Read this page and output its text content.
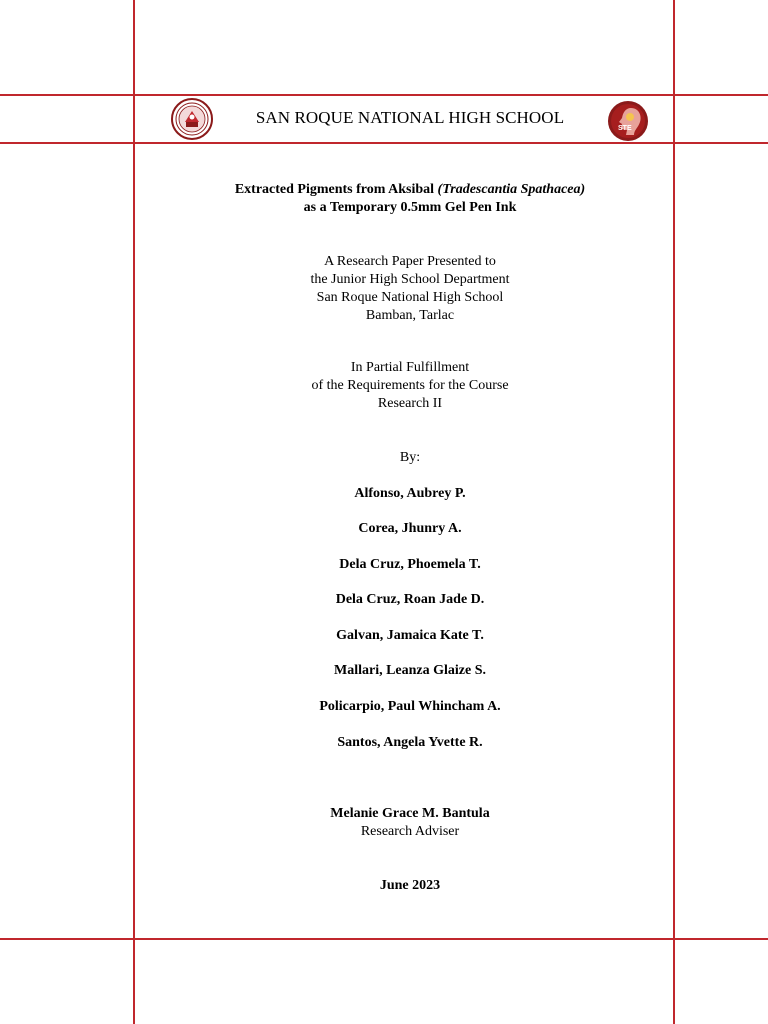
SAN ROQUE NATIONAL HIGH SCHOOL
STE
Extracted Pigments from Aksibal (Tradescantia Spathacea)
as a Temporary 0.5mm Gel Pen Ink
A Research Paper Presented to
the Junior High School Department
San Roque National High School
Bamban, Tarlac
In Partial Fulfillment
of the Requirements for the Course
Research II
By:
Alfonso, Aubrey P.
Corea, Jhunry A.
Dela Cruz, Phoemela T.
Dela Cruz, Roan Jade D.
Galvan, Jamaica Kate T.
Mallari, Leanza Glaize S.
Policarpio, Paul Whincham A.
Santos, Angela Yvette R.
Melanie Grace M. Bantula
Research Adviser
June 2023
